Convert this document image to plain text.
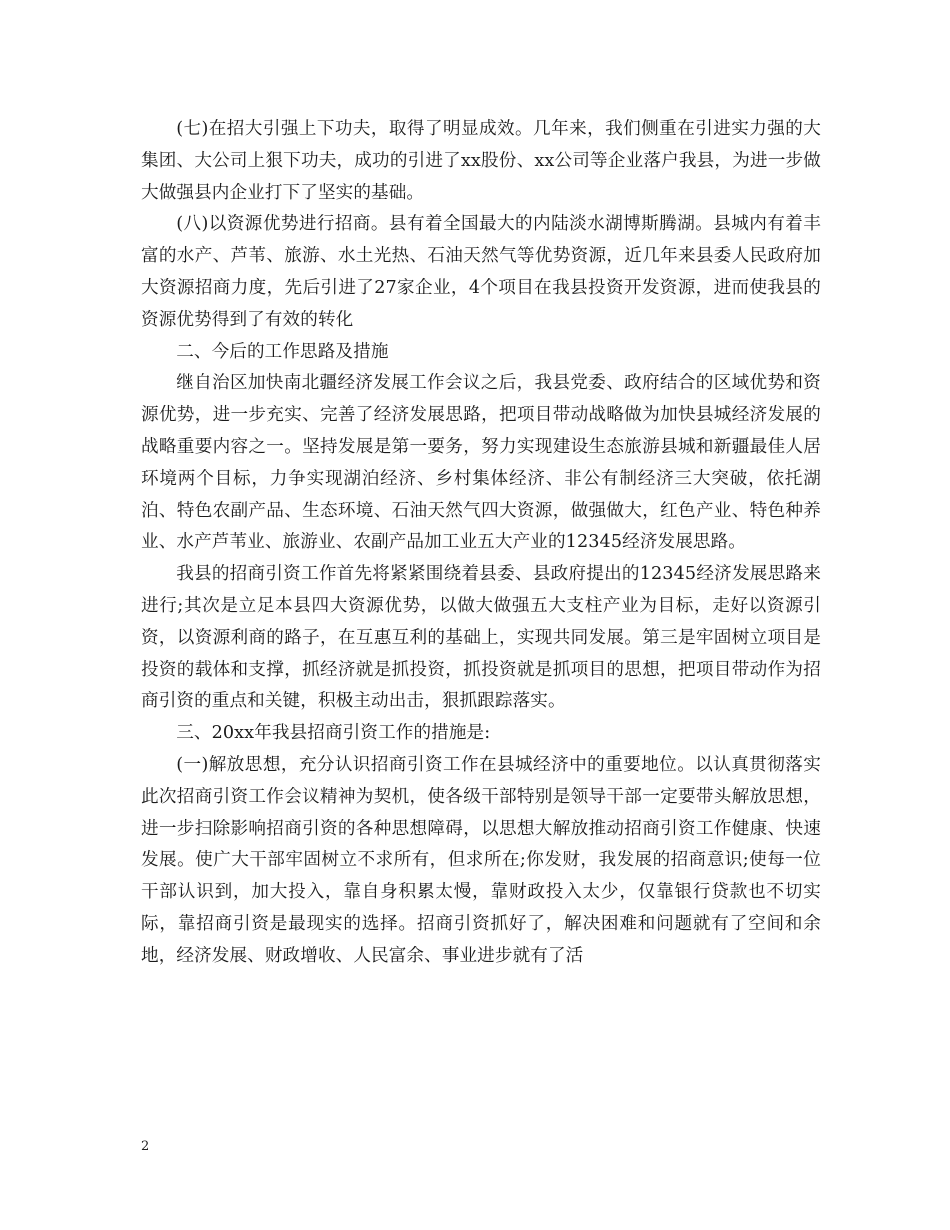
(七)在招大引强上下功夫，取得了明显成效。几年来，我们侧重在引进实力强的大集团、大公司上狠下功夫，成功的引进了xx股份、xx公司等企业落户我县，为进一步做大做强县内企业打下了坚实的基础。

(八)以资源优势进行招商。县有着全国最大的内陆淡水湖博斯腾湖。县城内有着丰富的水产、芦苇、旅游、水土光热、石油天然气等优势资源，近几年来县委人民政府加大资源招商力度，先后引进了27家企业，4个项目在我县投资开发资源，进而使我县的资源优势得到了有效的转化

二、今后的工作思路及措施

继自治区加快南北疆经济发展工作会议之后，我县党委、政府结合的区域优势和资源优势，进一步充实、完善了经济发展思路，把项目带动战略做为加快县城经济发展的战略重要内容之一。坚持发展是第一要务，努力实现建设生态旅游县城和新疆最佳人居环境两个目标，力争实现湖泊经济、乡村集体经济、非公有制经济三大突破，依托湖泊、特色农副产品、生态环境、石油天然气四大资源，做强做大，红色产业、特色种养业、水产芦苇业、旅游业、农副产品加工业五大产业的12345经济发展思路。

我县的招商引资工作首先将紧紧围绕着县委、县政府提出的12345经济发展思路来进行;其次是立足本县四大资源优势，以做大做强五大支柱产业为目标，走好以资源引资，以资源利商的路子，在互惠互利的基础上，实现共同发展。第三是牢固树立项目是投资的载体和支撑，抓经济就是抓投资，抓投资就是抓项目的思想，把项目带动作为招商引资的重点和关键，积极主动出击，狠抓跟踪落实。

三、20xx年我县招商引资工作的措施是:

(一)解放思想，充分认识招商引资工作在县城经济中的重要地位。以认真贯彻落实此次招商引资工作会议精神为契机，使各级干部特别是领导干部一定要带头解放思想，进一步扫除影响招商引资的各种思想障碍，以思想大解放推动招商引资工作健康、快速发展。使广大干部牢固树立不求所有，但求所在;你发财，我发展的招商意识;使每一位干部认识到，加大投入，靠自身积累太慢，靠财政投入太少，仅靠银行贷款也不切实际，靠招商引资是最现实的选择。招商引资抓好了，解决困难和问题就有了空间和余地，经济发展、财政增收、人民富余、事业进步就有了活

2
